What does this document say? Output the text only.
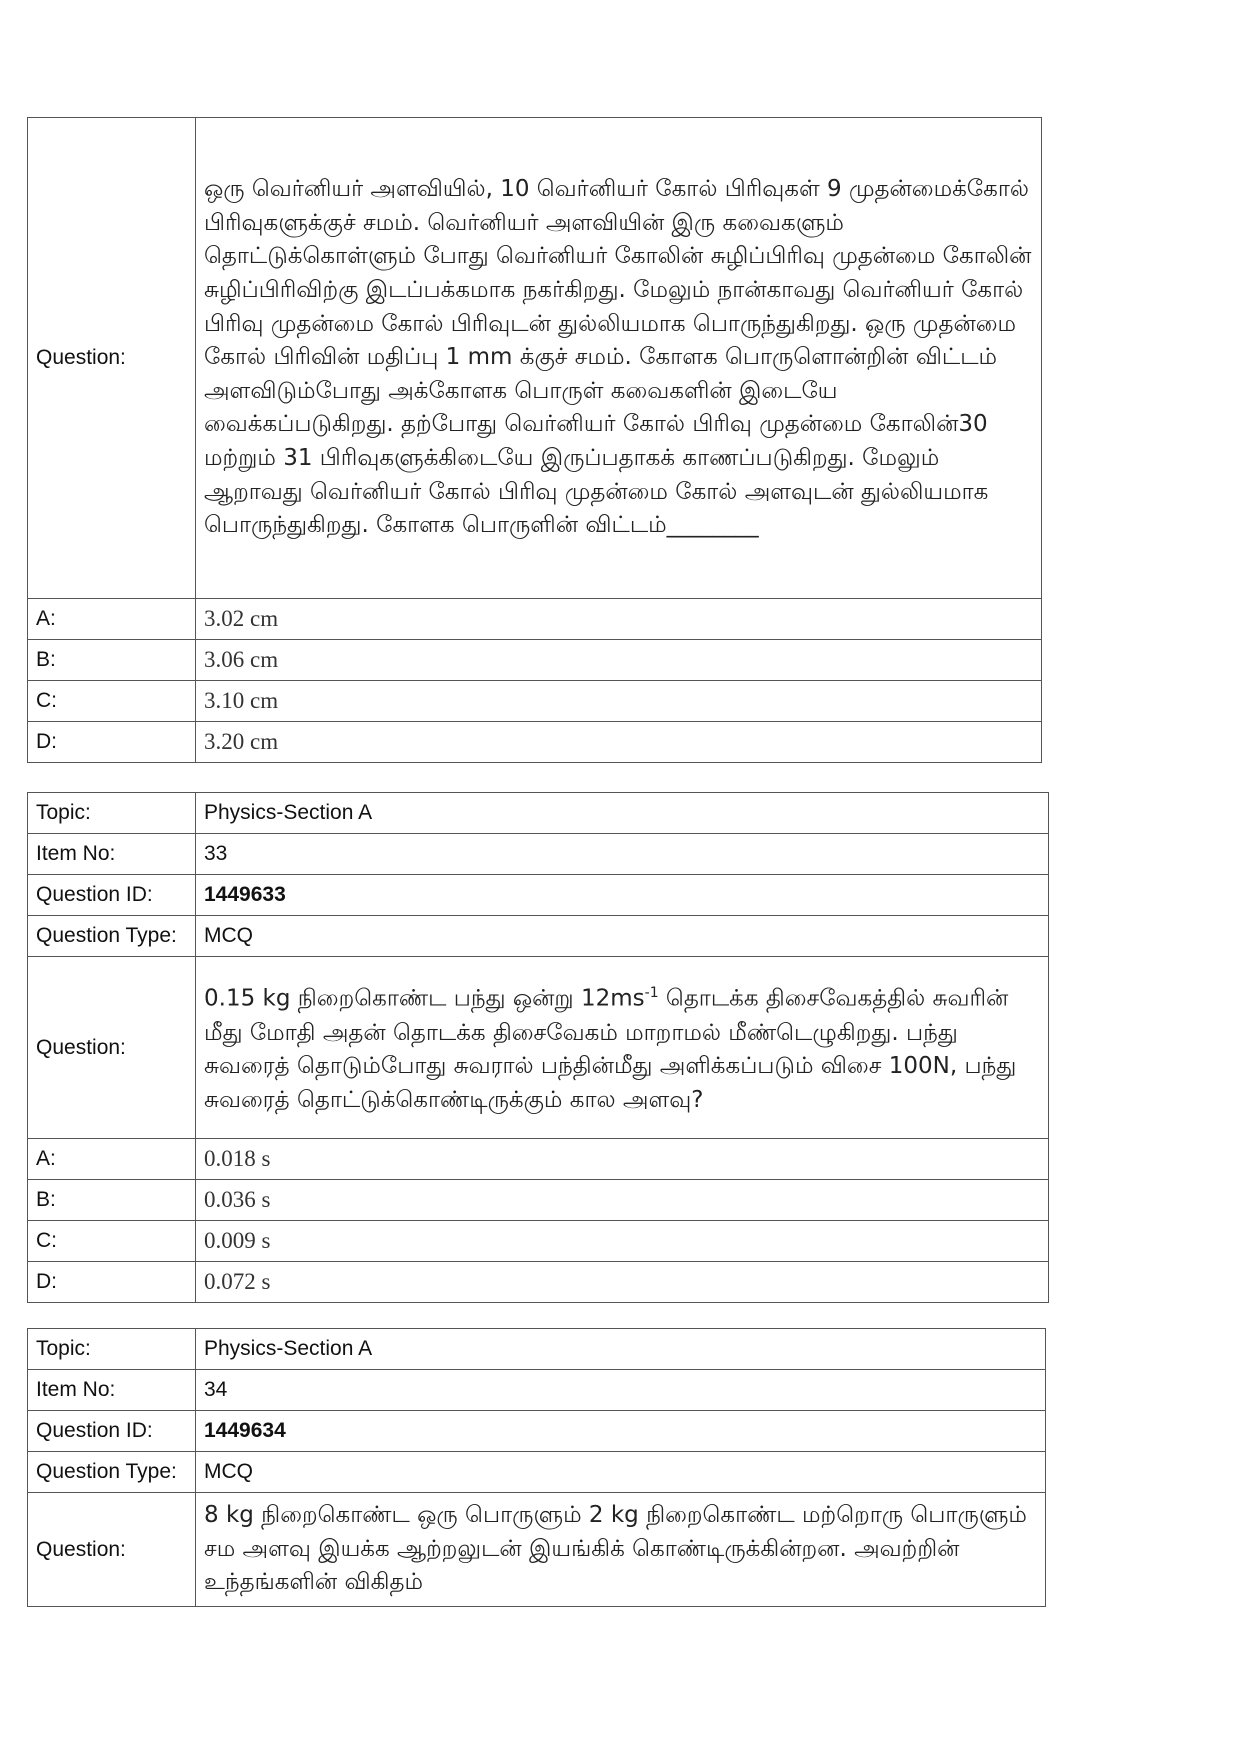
Question:	ஒரு வெர்னியர் அளவியில், 10 வெர்னியர் கோல் பிரிவுகள் 9 முதன்மைக்கோல் பிரிவுகளுக்குச் சமம். வெர்னியர் அளவியின் இரு கவைகளும் தொட்டுக்கொள்ளும் போது வெர்னியர் கோலின் சுழிப்பிரிவு முதன்மை கோலின் சுழிப்பிரிவிற்கு இடப்பக்கமாக நகர்கிறது. மேலும் நான்காவது வெர்னியர் கோல் பிரிவு முதன்மை கோல் பிரிவுடன் துல்லியமாக பொருந்துகிறது. ஒரு முதன்மை கோல் பிரிவின் மதிப்பு 1 mm க்குச் சமம். கோளக பொருளொன்றின் விட்டம் அளவிடும்போது அக்கோளக பொருள் கவைகளின் இடையே வைக்கப்படுகிறது. தற்போது வெர்னியர் கோல் பிரிவு முதன்மை கோலின்30 மற்றும் 31 பிரிவுகளுக்கிடையே இருப்பதாகக் காணப்படுகிறது. மேலும் ஆறாவது வெர்னியர் கோல் பிரிவு முதன்மை கோல் அளவுடன் துல்லியமாக பொருந்துகிறது. கோளக பொருளின் விட்டம்________
A:	3.02 cm
B:	3.06 cm
C:	3.10 cm
D:	3.20 cm
Topic:	Physics-Section A
Item No:	33
Question ID:	1449633
Question Type:	MCQ
Question:	0.15 kg நிறைகொண்ட பந்து ஒன்று $12ms^{-1}$ தொடக்க திசைவேகத்தில் சுவரின் மீது மோதி அதன் தொடக்க திசைவேகம் மாறாமல் மீண்டெழுகிறது. பந்து சுவரைத் தொடும்போது சுவரால் பந்தின்மீது அளிக்கப்படும் விசை 100N, பந்து சுவரைத் தொட்டுக்கொண்டிருக்கும் கால அளவு?
A:	0.018 s
B:	0.036 s
C:	0.009 s
D:	0.072 s
Topic:	Physics-Section A
Item No:	34
Question ID:	1449634
Question Type:	MCQ
Question:	8 kg நிறைகொண்ட ஒரு பொருளும் 2 kg நிறைகொண்ட மற்றொரு பொருளும் சம அளவு இயக்க ஆற்றலுடன் இயங்கிக் கொண்டிருக்கின்றன. அவற்றின் உந்தங்களின் விகிதம்
